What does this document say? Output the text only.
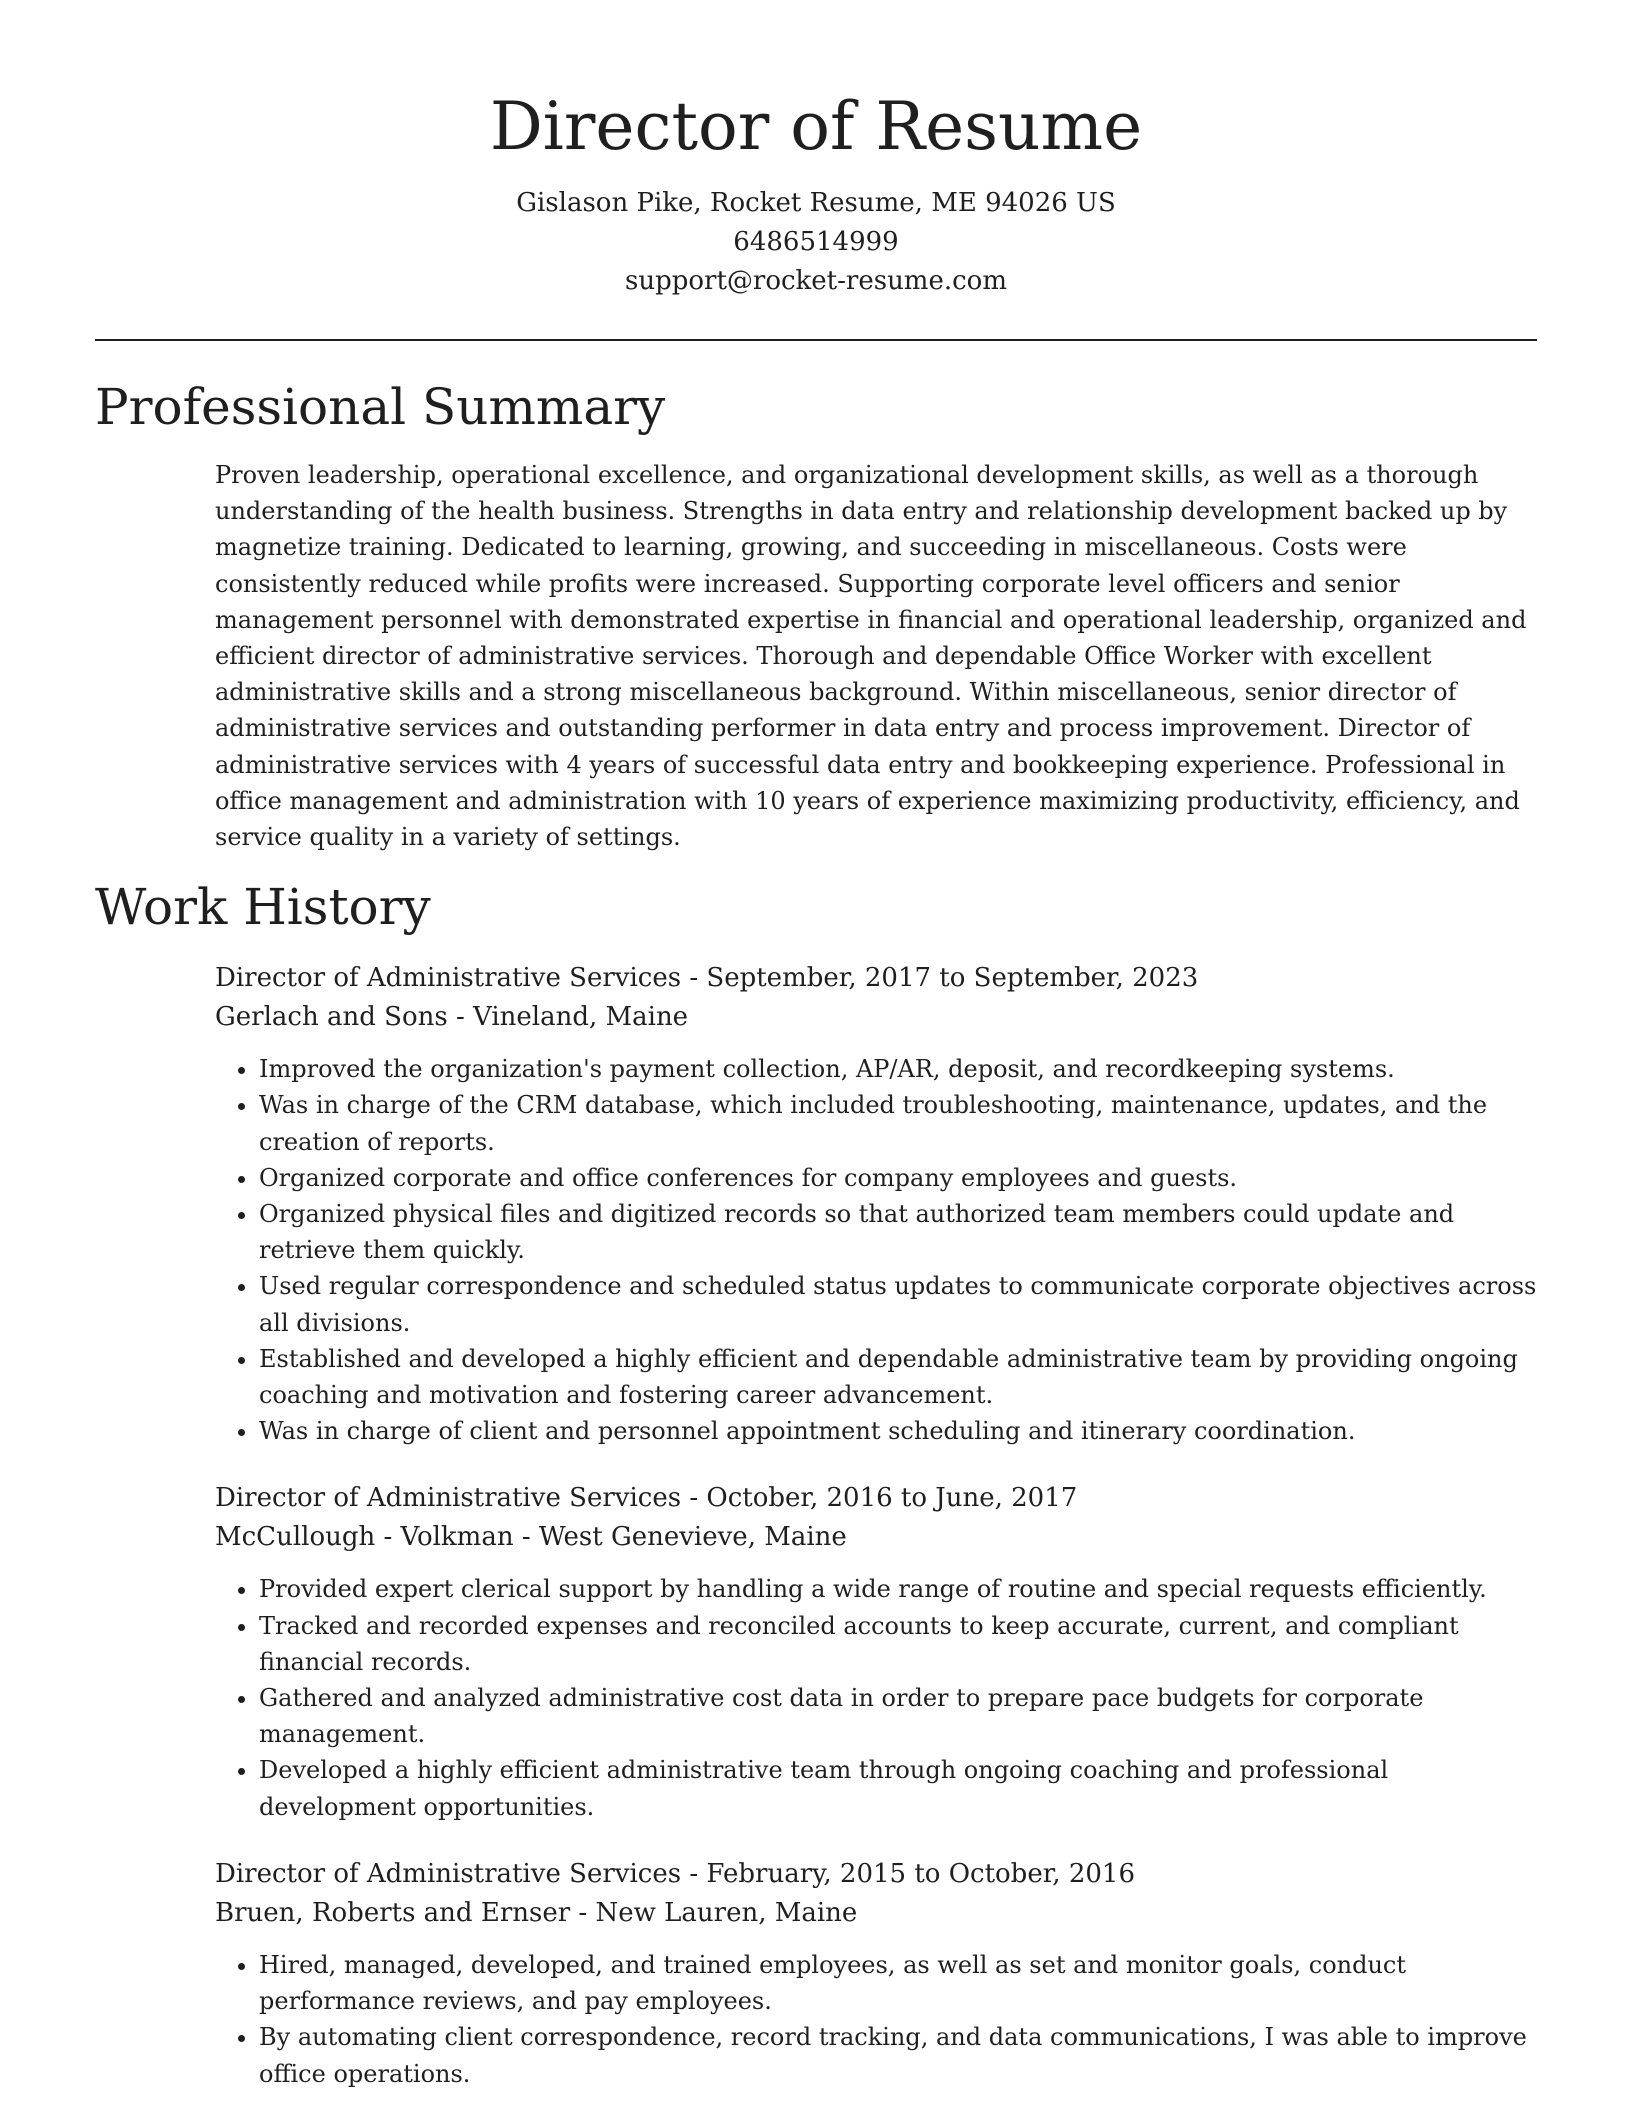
Director of Resume
Gislason Pike, Rocket Resume, ME 94026 US
6486514999
support@rocket-resume.com
Professional Summary

Proven leadership, operational excellence, and organizational development skills, as well as a thorough understanding of the health business. Strengths in data entry and relationship development backed up by magnetize training. Dedicated to learning, growing, and succeeding in miscellaneous. Costs were consistently reduced while profits were increased. Supporting corporate level officers and senior management personnel with demonstrated expertise in financial and operational leadership, organized and efficient director of administrative services. Thorough and dependable Office Worker with excellent administrative skills and a strong miscellaneous background. Within miscellaneous, senior director of administrative services and outstanding performer in data entry and process improvement. Director of administrative services with 4 years of successful data entry and bookkeeping experience. Professional in office management and administration with 10 years of experience maximizing productivity, efficiency, and service quality in a variety of settings.

Work History
Director of Administrative Services - September, 2017 to September, 2023
Gerlach and Sons - Vineland, Maine
• Improved the organization's payment collection, AP/AR, deposit, and recordkeeping systems.
• Was in charge of the CRM database, which included troubleshooting, maintenance, updates, and the creation of reports.
• Organized corporate and office conferences for company employees and guests.
• Organized physical files and digitized records so that authorized team members could update and retrieve them quickly.
• Used regular correspondence and scheduled status updates to communicate corporate objectives across all divisions.
• Established and developed a highly efficient and dependable administrative team by providing ongoing coaching and motivation and fostering career advancement.
• Was in charge of client and personnel appointment scheduling and itinerary coordination.
Director of Administrative Services - October, 2016 to June, 2017
McCullough - Volkman - West Genevieve, Maine
• Provided expert clerical support by handling a wide range of routine and special requests efficiently.
• Tracked and recorded expenses and reconciled accounts to keep accurate, current, and compliant financial records.
• Gathered and analyzed administrative cost data in order to prepare pace budgets for corporate management.
• Developed a highly efficient administrative team through ongoing coaching and professional development opportunities.
Director of Administrative Services - February, 2015 to October, 2016
Bruen, Roberts and Ernser - New Lauren, Maine
• Hired, managed, developed, and trained employees, as well as set and monitor goals, conduct performance reviews, and pay employees.
• By automating client correspondence, record tracking, and data communications, I was able to improve office operations.
